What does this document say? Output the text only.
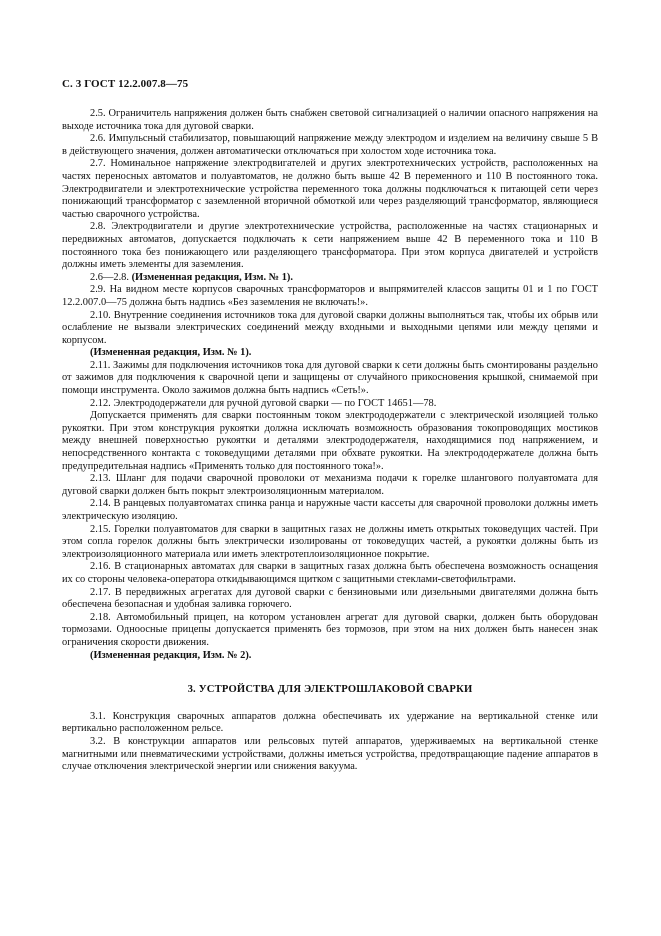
С. 3 ГОСТ 12.2.007.8—75

2.5. Ограничитель напряжения должен быть снабжен световой сигнализацией о наличии опасного напряжения на выходе источника тока для дуговой сварки.

2.6. Импульсный стабилизатор, повышающий напряжение между электродом и изделием на величину свыше 5 В в действующего значения, должен автоматически отключаться при холостом ходе источника тока.

2.7. Номинальное напряжение электродвигателей и других электротехнических устройств, расположенных на частях переносных автоматов и полуавтоматов, не должно быть выше 42 В переменного и 110 В постоянного тока. Электродвигатели и электротехнические устройства переменного тока должны подключаться к питающей сети через понижающий трансформатор с заземленной вторичной обмоткой или через разделяющий трансформатор, являющиеся частью сварочного устройства.

2.8. Электродвигатели и другие электротехнические устройства, расположенные на частях стационарных и передвижных автоматов, допускается подключать к сети напряжением выше 42 В переменного тока и 110 В постоянного тока без понижающего или разделяющего трансформатора. При этом корпуса двигателей и устройств должны иметь элементы для заземления.

2.6—2.8. (Измененная редакция, Изм. № 1).

2.9. На видном месте корпусов сварочных трансформаторов и выпрямителей классов защиты 01 и 1 по ГОСТ 12.2.007.0—75 должна быть надпись «Без заземления не включать!».

2.10. Внутренние соединения источников тока для дуговой сварки должны выполняться так, чтобы их обрыв или ослабление не вызвали электрических соединений между входными и выходными цепями или между цепями и корпусом.

(Измененная редакция, Изм. № 1).

2.11. Зажимы для подключения источников тока для дуговой сварки к сети должны быть смонтированы раздельно от зажимов для подключения к сварочной цепи и защищены от случайного прикосновения крышкой, снимаемой при помощи инструмента. Около зажимов должна быть надпись «Сеть!».

2.12. Электрододержатели для ручной дуговой сварки — по ГОСТ 14651—78.

Допускается применять для сварки постоянным током электрододержатели с электрической изоляцией только рукоятки. При этом конструкция рукоятки должна исключать возможность образования токопроводящих мостиков между внешней поверхностью рукоятки и деталями электрододержателя, находящимися под напряжением, и непосредственного контакта с токоведущими деталями при обхвате рукоятки. На электрододержателе должна быть предупредительная надпись «Применять только для постоянного тока!».

2.13. Шланг для подачи сварочной проволоки от механизма подачи к горелке шлангового полуавтомата для дуговой сварки должен быть покрыт электроизоляционным материалом.

2.14. В ранцевых полуавтоматах спинка ранца и наружные части кассеты для сварочной проволоки должны иметь электрическую изоляцию.

2.15. Горелки полуавтоматов для сварки в защитных газах не должны иметь открытых токоведущих частей. При этом сопла горелок должны быть электрически изолированы от токоведущих частей, а рукоятки должны быть из электроизоляционного материала или иметь электротеплоизоляционное покрытие.

2.16. В стационарных автоматах для сварки в защитных газах должна быть обеспечена возможность оснащения их со стороны человека-оператора откидывающимся щитком с защитными стеклами-светофильтрами.

2.17. В передвижных агрегатах для дуговой сварки с бензиновыми или дизельными двигателями должна быть обеспечена безопасная и удобная заливка горючего.

2.18. Автомобильный прицеп, на котором установлен агрегат для дуговой сварки, должен быть оборудован тормозами. Одноосные прицепы допускается применять без тормозов, при этом на них должен быть нанесен знак ограничения скорости движения.

(Измененная редакция, Изм. № 2).

3. УСТРОЙСТВА ДЛЯ ЭЛЕКТРОШЛАКОВОЙ СВАРКИ

3.1. Конструкция сварочных аппаратов должна обеспечивать их удержание на вертикальной стенке или вертикально расположенном рельсе.

3.2. В конструкции аппаратов или рельсовых путей аппаратов, удерживаемых на вертикальной стенке магнитными или пневматическими устройствами, должны иметься устройства, предотвращающие падение аппаратов в случае отключения электрической энергии или снижения вакуума.
